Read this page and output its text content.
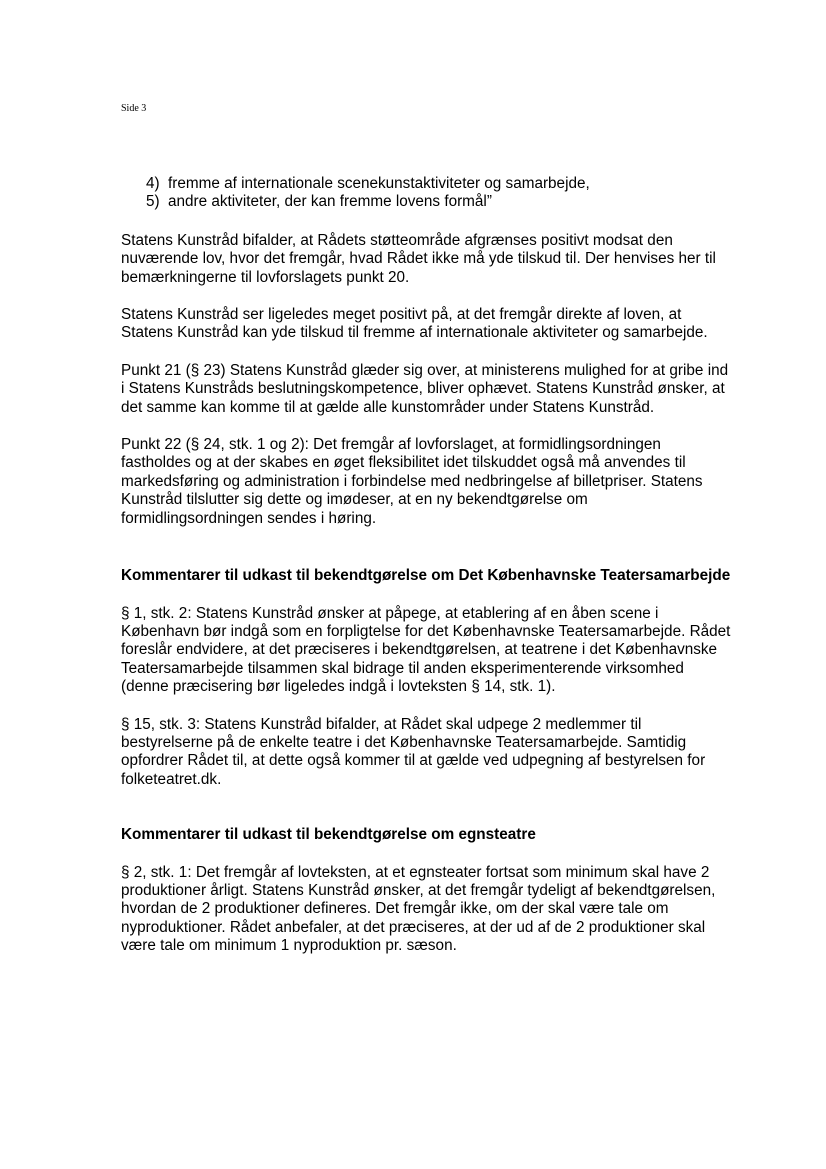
Side 3
4) fremme af internationale scenekunstaktiviteter og samarbejde,
5) andre aktiviteter, der kan fremme lovens formål”

Statens Kunstråd bifalder, at Rådets støtteområde afgrænses positivt modsat den nuværende lov, hvor det fremgår, hvad Rådet ikke må yde tilskud til. Der henvises her til bemærkningerne til lovforslagets punkt 20.

Statens Kunstråd ser ligeledes meget positivt på, at det fremgår direkte af loven, at Statens Kunstråd kan yde tilskud til fremme af internationale aktiviteter og samarbejde.

Punkt 21 (§ 23) Statens Kunstråd glæder sig over, at ministerens mulighed for at gribe ind i Statens Kunstråds beslutningskompetence, bliver ophævet. Statens Kunstråd ønsker, at det samme kan komme til at gælde alle kunstområder under Statens Kunstråd.

Punkt 22 (§ 24, stk. 1 og 2): Det fremgår af lovforslaget, at formidlingsordningen fastholdes og at der skabes en øget fleksibilitet idet tilskuddet også må anvendes til markedsføring og administration i forbindelse med nedbringelse af billetpriser. Statens Kunstråd tilslutter sig dette og imødeser, at en ny bekendtgørelse om formidlingsordningen sendes i høring.

Kommentarer til udkast til bekendtgørelse om Det Københavnske Teatersamarbejde

§ 1, stk. 2: Statens Kunstråd ønsker at påpege, at etablering af en åben scene i København bør indgå som en forpligtelse for det Københavnske Teatersamarbejde. Rådet foreslår endvidere, at det præciseres i bekendtgørelsen, at teatrene i det Københavnske Teatersamarbejde tilsammen skal bidrage til anden eksperimenterende virksomhed (denne præcisering bør ligeledes indgå i lovteksten § 14, stk. 1).

§ 15, stk. 3: Statens Kunstråd bifalder, at Rådet skal udpege 2 medlemmer til bestyrelserne på de enkelte teatre i det Københavnske Teatersamarbejde. Samtidig opfordrer Rådet til, at dette også kommer til at gælde ved udpegning af bestyrelsen for folketeatret.dk.

Kommentarer til udkast til bekendtgørelse om egnsteatre

§ 2, stk. 1: Det fremgår af lovteksten, at et egnsteater fortsat som minimum skal have 2 produktioner årligt. Statens Kunstråd ønsker, at det fremgår tydeligt af bekendtgørelsen, hvordan de 2 produktioner defineres. Det fremgår ikke, om der skal være tale om nyproduktioner. Rådet anbefaler, at det præciseres, at der ud af de 2 produktioner skal være tale om minimum 1 nyproduktion pr. sæson.
